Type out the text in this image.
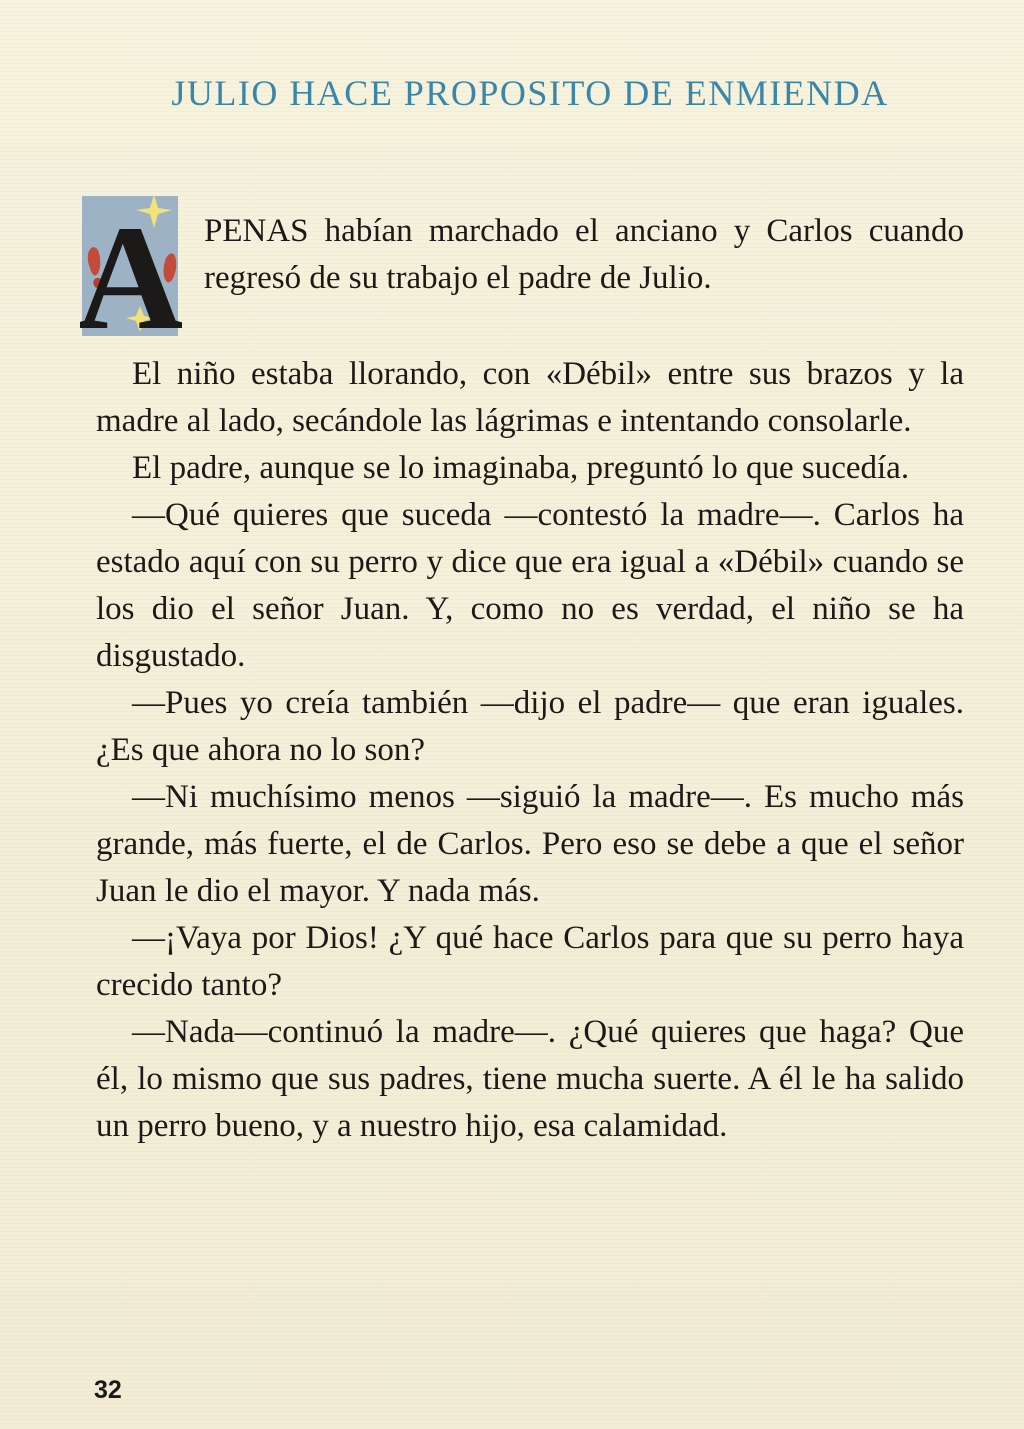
JULIO HACE PROPOSITO DE ENMIENDA
A PENAS habían marchado el anciano y Carlos cuando regresó de su trabajo el padre de Julio.

El niño estaba llorando, con «Débil» entre sus brazos y la madre al lado, secándole las lágrimas e intentando consolarle.

El padre, aunque se lo imaginaba, preguntó lo que sucedía.

—Qué quieres que suceda —contestó la madre—. Carlos ha estado aquí con su perro y dice que era igual a «Débil» cuando se los dio el señor Juan. Y, como no es verdad, el niño se ha disgustado.

—Pues yo creía también —dijo el padre— que eran iguales. ¿Es que ahora no lo son?

—Ni muchísimo menos —siguió la madre—. Es mucho más grande, más fuerte, el de Carlos. Pero eso se debe a que el señor Juan le dio el mayor. Y nada más.

—¡Vaya por Dios! ¿Y qué hace Carlos para que su perro haya crecido tanto?

—Nada—continuó la madre—. ¿Qué quieres que haga? Que él, lo mismo que sus padres, tiene mucha suerte. A él le ha salido un perro bueno, y a nuestro hijo, esa calamidad.

32
